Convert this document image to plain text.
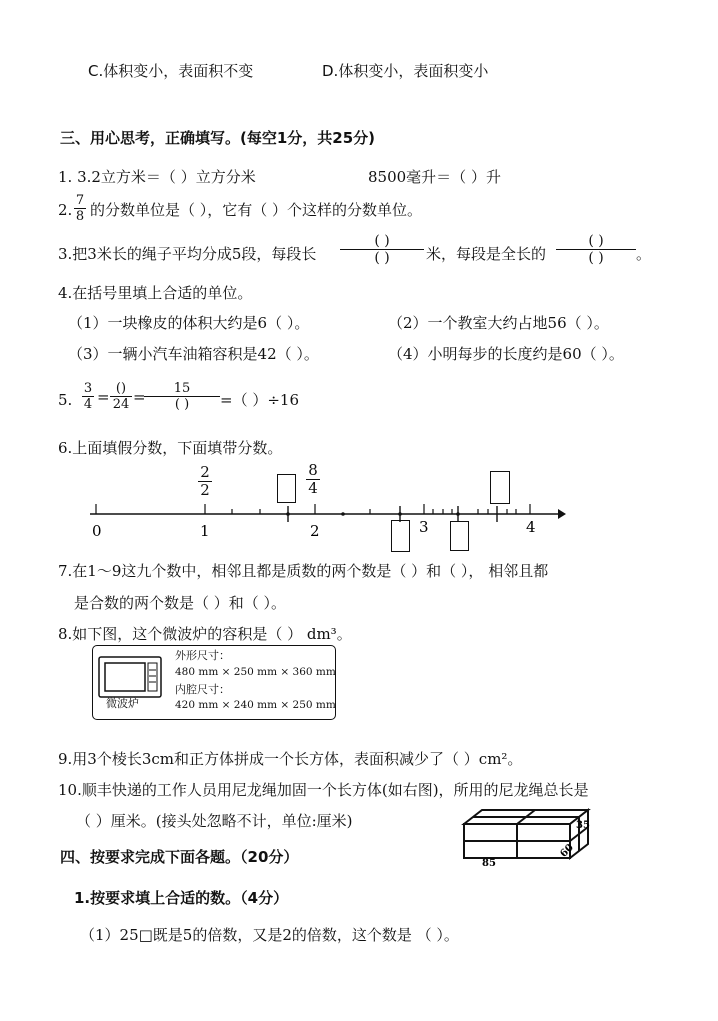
C.体积变小，表面积不变	D.体积变小，表面积变小
三、用心思考，正确填写。(每空1分，共25分)
1. 3.2立方米＝（ ）立方分米	8500毫升＝（ ）升
2.
7
8 的分数单位是（ ），它有（ ）个这样的分数单位。
3.把3米长的绳子平均分成5段，每段长
( )
( )	米，每段是全长的
( )
( )	。
4.在括号里填上合适的单位。
（1）一块橡皮的体积大约是6（ ）。	（2）一个教室大约占地56（ ）。
（3）一辆小汽车油箱容积是42（ ）。	（4）小明每步的长度约是60（ ）。
5.
3
4 = ()
24 =	15
( )	=（ ）÷16
6.上面填假分数，下面填带分数。
2
2
8
4
0	1	2	3	4
7.在1～9这九个数中，相邻且都是质数的两个数是（ ）和（ ）， 相邻且都
是合数的两个数是（ ）和（ ）。
8.如下图，这个微波炉的容积是（ ） dm³。
外形尺寸：
480 mm × 250 mm × 360 mm
内腔尺寸：
420 mm × 240 mm × 250 mm
微波炉
9.用3个棱长3cm和正方体拼成一个长方体，表面积减少了（ ）cm²。
10.顺丰快递的工作人员用尼龙绳加固一个长方体(如右图)，所用的尼龙绳总长是
（ ）厘米。(接头处忽略不计，单位:厘米)	35
85
60
四、按要求完成下面各题。（20分）
1.按要求填上合适的数。（4分）
（1）25□既是5的倍数，又是2的倍数，这个数是 （ ）。
